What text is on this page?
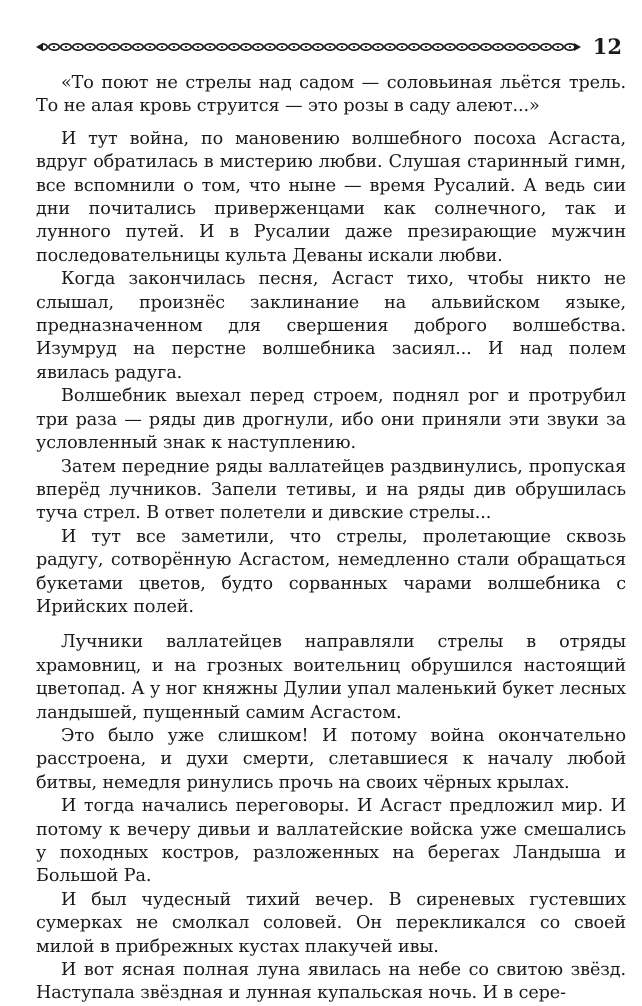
12

«То поют не стрелы над садом — соловьиная льётся трель. То не алая кровь струится — это розы в саду алеют...»

И тут война, по мановению волшебного посоха Асгаста, вдруг обратилась в мистерию любви. Слушая старинный гимн, все вспомнили о том, что ныне — время Русалий. А ведь сии дни почитались приверженцами как солнечного, так и лунного путей. И в Русалии даже презирающие мужчин последовательницы культа Деваны искали любви.

Когда закончилась песня, Асгаст тихо, чтобы никто не слышал, произнёс заклинание на альвийском языке, предназначенном для свершения доброго волшебства. Изумруд на перстне волшебника засиял... И над полем явилась радуга.

Волшебник выехал перед строем, поднял рог и протрубил три раза — ряды див дрогнули, ибо они приняли эти звуки за условленный знак к наступлению.

Затем передние ряды валлатейцев раздвинулись, пропуская вперёд лучников. Запели тетивы, и на ряды див обрушилась туча стрел. В ответ полетели и дивские стрелы...

И тут все заметили, что стрелы, пролетающие сквозь радугу, сотворённую Асгастом, немедленно стали обращаться букетами цветов, будто сорванных чарами волшебника с Ирийских полей.

Лучники валлатейцев направляли стрелы в отряды храмовниц, и на грозных воительниц обрушился настоящий цветопад. А у ног княжны Дулии упал маленький букет лесных ландышей, пущенный самим Асгастом.

Это было уже слишком! И потому война окончательно расстроена, и духи смерти, слетавшиеся к началу любой битвы, немедля ринулись прочь на своих чёрных крылах.

И тогда начались переговоры. И Асгаст предложил мир. И потому к вечеру дивьи и валлатейские войска уже смешались у походных костров, разложенных на берегах Ландыша и Большой Ра.

И был чудесный тихий вечер. В сиреневых густевших сумерках не смолкал соловей. Он перекликался со своей милой в прибрежных кустах плакучей ивы.

И вот ясная полная луна явилась на небе со свитою звёзд. Наступала звёздная и лунная купальская ночь. И в сере-
